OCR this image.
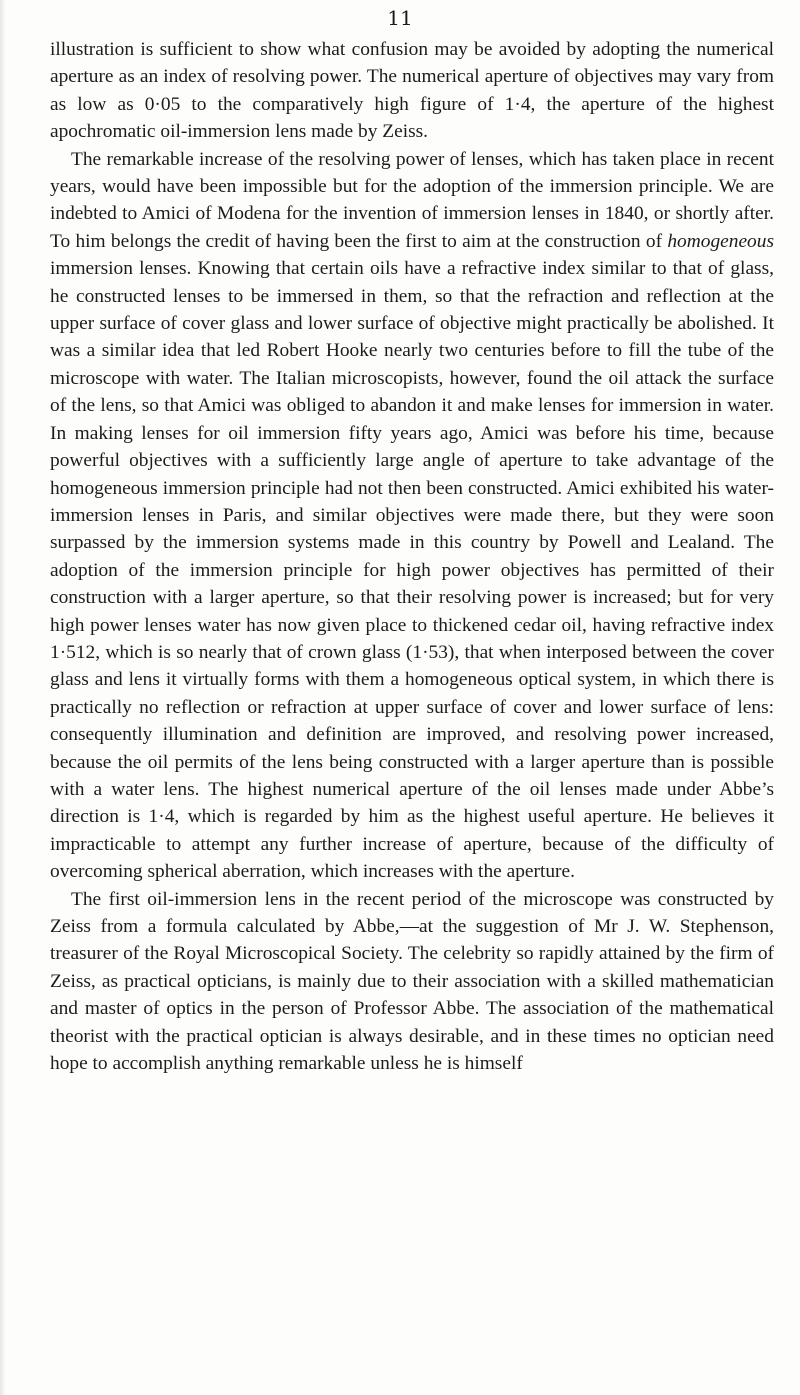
11

illustration is sufficient to show what confusion may be avoided by adopting the numerical aperture as an index of resolving power. The numerical aperture of objectives may vary from as low as 0·05 to the comparatively high figure of 1·4, the aperture of the highest apochromatic oil-immersion lens made by Zeiss.

The remarkable increase of the resolving power of lenses, which has taken place in recent years, would have been impossible but for the adoption of the immersion principle. We are indebted to Amici of Modena for the invention of immersion lenses in 1840, or shortly after. To him belongs the credit of having been the first to aim at the construction of homogeneous immersion lenses. Knowing that certain oils have a refractive index similar to that of glass, he constructed lenses to be immersed in them, so that the refraction and reflection at the upper surface of cover glass and lower surface of objective might practically be abolished. It was a similar idea that led Robert Hooke nearly two centuries before to fill the tube of the microscope with water. The Italian microscopists, however, found the oil attack the surface of the lens, so that Amici was obliged to abandon it and make lenses for immersion in water. In making lenses for oil immersion fifty years ago, Amici was before his time, because powerful objectives with a sufficiently large angle of aperture to take advantage of the homogeneous immersion principle had not then been constructed. Amici exhibited his water-immersion lenses in Paris, and similar objectives were made there, but they were soon surpassed by the immersion systems made in this country by Powell and Lealand. The adoption of the immersion principle for high power objectives has permitted of their construction with a larger aperture, so that their resolving power is increased; but for very high power lenses water has now given place to thickened cedar oil, having refractive index 1·512, which is so nearly that of crown glass (1·53), that when interposed between the cover glass and lens it virtually forms with them a homogeneous optical system, in which there is practically no reflection or refraction at upper surface of cover and lower surface of lens: consequently illumination and definition are improved, and resolving power increased, because the oil permits of the lens being constructed with a larger aperture than is possible with a water lens. The highest numerical aperture of the oil lenses made under Abbe’s direction is 1·4, which is regarded by him as the highest useful aperture. He believes it impracticable to attempt any further increase of aperture, because of the difficulty of overcoming spherical aberration, which increases with the aperture.

The first oil-immersion lens in the recent period of the microscope was constructed by Zeiss from a formula calculated by Abbe,—at the suggestion of Mr J. W. Stephenson, treasurer of the Royal Microscopical Society. The celebrity so rapidly attained by the firm of Zeiss, as practical opticians, is mainly due to their association with a skilled mathematician and master of optics in the person of Professor Abbe. The association of the mathematical theorist with the practical optician is always desirable, and in these times no optician need hope to accomplish anything remarkable unless he is himself
